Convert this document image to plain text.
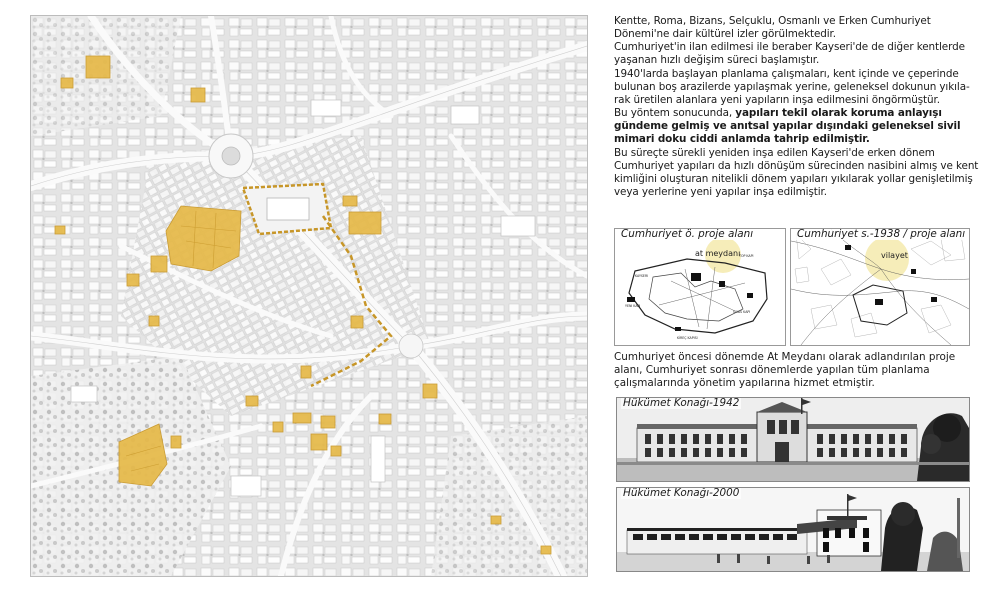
Kentte, Roma, Bizans, Selçuklu, Osmanlı ve Erken Cumhuriyet Dönemi'ne dair kültürel izler görülmektedir.

Cumhuriyet'in ilan edilmesi ile beraber Kayseri'de de diğer kentlerde yaşanan hızlı değişim süreci başlamıştır.

1940'larda başlayan planlama çalışmaları, kent içinde ve çeperinde bulunan boş arazilerde yapılaşmak yerine, geleneksel dokunun yıkıla-rak üretilen alanlara yeni yapıların inşa edilmesini öngörmüştür.

Bu yöntem sonucunda, yapıları tekil olarak koruma anlayışı gündeme gelmiş ve anıtsal yapılar dışındaki geleneksel sivil mimari doku ciddi anlamda tahrip edilmiştir.

Bu süreçte sürekli yeniden inşa edilen Kayseri'de erken dönem Cumhuriyet yapıları da hızlı dönüşüm sürecinden nasibini almış ve kent kimliğini oluşturan nitelikli dönem yapıları yıkılarak yollar genişletilmiş veya yerlerine yeni yapılar inşa edilmiştir.

Cumhuriyet ö. proje alanı
TOP KAPI
KAYSERI
YENI KAPI
SIVAS KAPI
KİREÇ KAPISI
at meydanı
Cumhuriyet s.-1938 / proje alanı
vilayet
Cumhuriyet öncesi dönemde At Meydanı olarak adlandırılan proje alanı, Cumhuriyet sonrası dönemlerde yapılan tüm planlama çalışmalarında yönetim yapılarına hizmet etmiştir.
Hükümet Konağı-1942
Hükümet Konağı-2000
